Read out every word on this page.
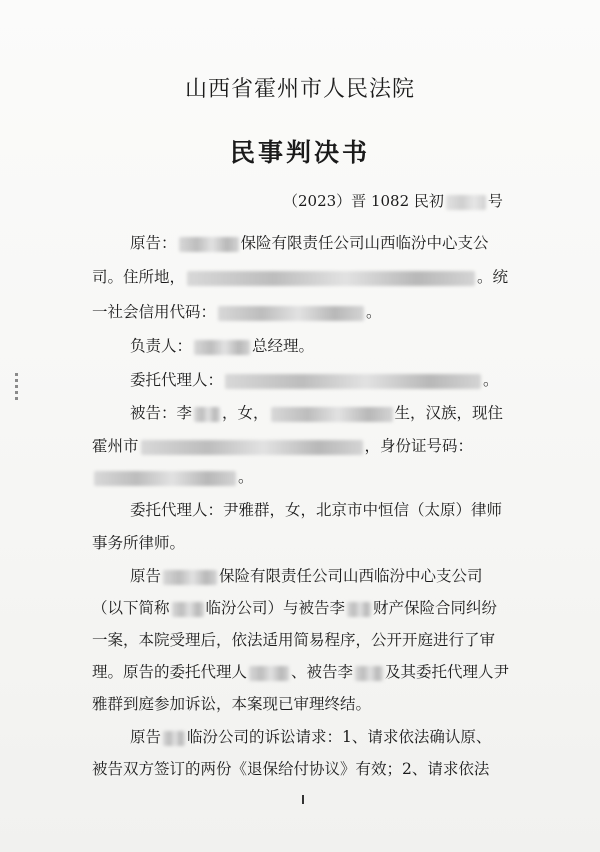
山西省霍州市人民法院
民事判决书
（2023）晋 1082 民初	号
原告：	保险有限责任公司山西临汾中心支公
司。住所地，	。统
一社会信用代码：	。
负责人：	总经理。
委托代理人：	。
被告：李 ，女，	生，汉族，现住
霍州市	，身份证号码：
。
委托代理人：尹雅群，女，北京市中恒信（太原）律师
事务所律师。
原告	保险有限责任公司山西临汾中心支公司
（以下简称 临汾公司）与被告李 财产保险合同纠纷
一案，本院受理后，依法适用简易程序，公开开庭进行了审
理。原告的委托代理人	、被告李 及其委托代理人尹
雅群到庭参加诉讼，本案现已审理终结。
原告 临汾公司的诉讼请求：1、请求依法确认原、
被告双方签订的两份《退保给付协议》有效；2、请求依法
